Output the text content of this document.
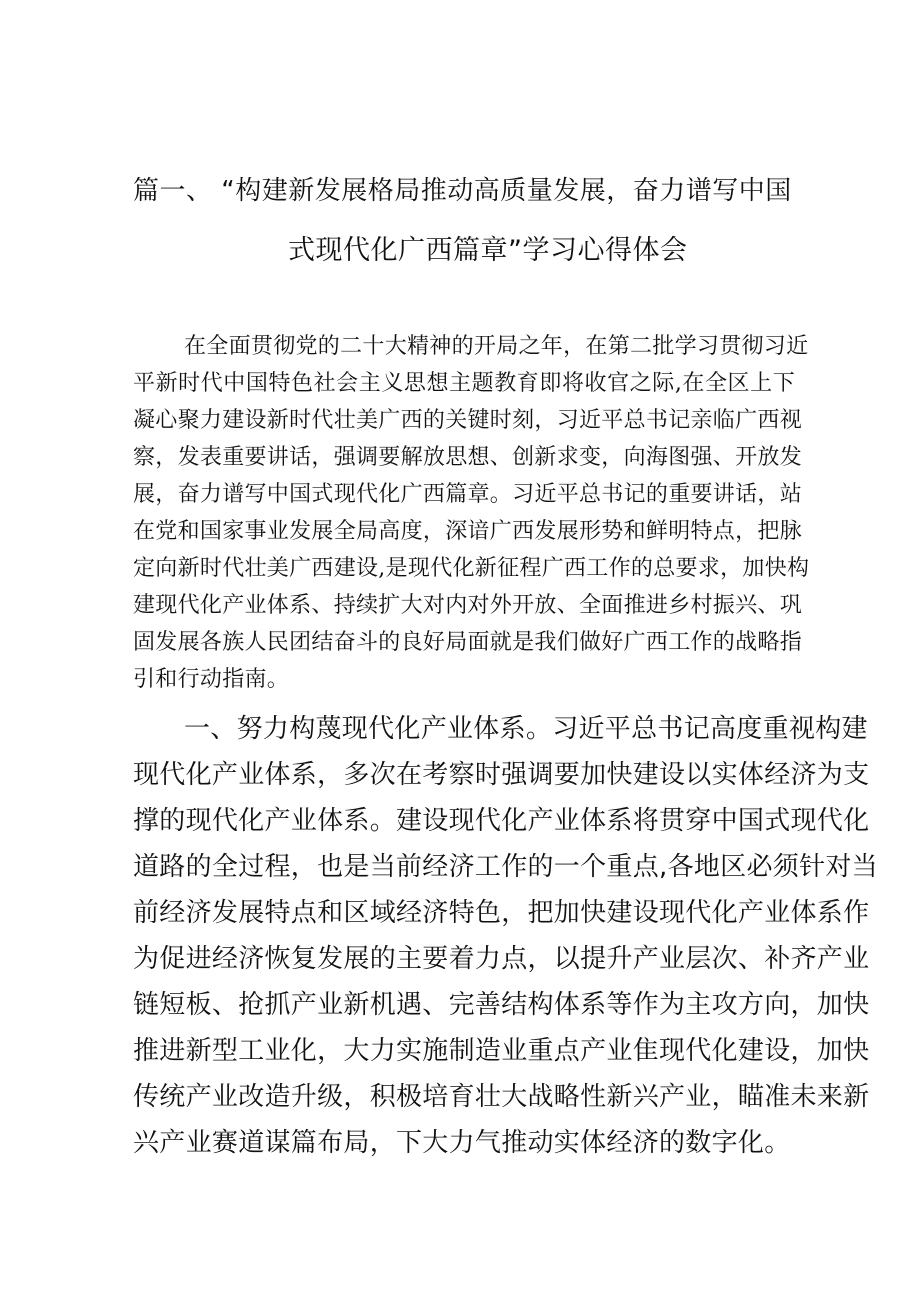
篇一、 “构建新发展格局推动高质量发展，奋力谱写中国
式现代化广西篇章”学习心得体会
在全面贯彻党的二十大精神的开局之年，在第二批学习贯彻习近
平新时代中国特色社会主义思想主题教育即将收官之际,在全区上下
凝心聚力建设新时代壮美广西的关键时刻，习近平总书记亲临广西视
察，发表重要讲话，强调要解放思想、创新求变，向海图强、开放发
展，奋力谱写中国式现代化广西篇章。习近平总书记的重要讲话，站
在党和国家事业发展全局高度，深谙广西发展形势和鲜明特点，把脉
定向新时代壮美广西建设,是现代化新征程广西工作的总要求，加快构
建现代化产业体系、持续扩大对内对外开放、全面推进乡村振兴、巩
固发展各族人民团结奋斗的良好局面就是我们做好广西工作的战略指
引和行动指南。
一、努力构蔑现代化产业体系。习近平总书记高度重视构建
现代化产业体系，多次在考察时强调要加快建设以实体经济为支
撑的现代化产业体系。建设现代化产业体系将贯穿中国式现代化
道路的全过程，也是当前经济工作的一个重点,各地区必须针对当
前经济发展特点和区域经济特色，把加快建设现代化产业体系作
为促进经济恢复发展的主要着力点，以提升产业层次、补齐产业
链短板、抢抓产业新机遇、完善结构体系等作为主攻方向，加快
推进新型工业化，大力实施制造业重点产业隹现代化建设，加快
传统产业改造升级，积极培育壮大战略性新兴产业，瞄准未来新
兴产业赛道谋篇布局，下大力气推动实体经济的数字化。
